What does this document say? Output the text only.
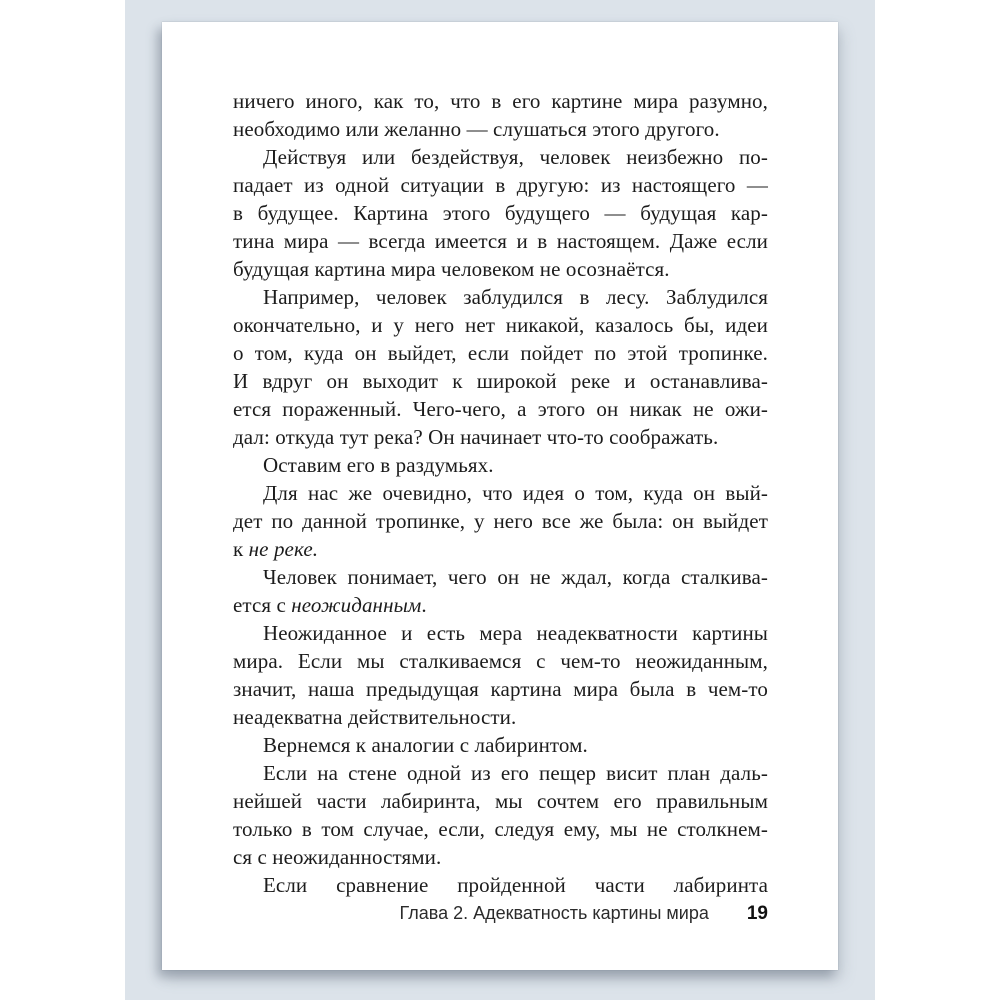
ничего иного, как то, что в его картине мира разумно,
необходимо или желанно — слушаться этого другого.
Действуя или бездействуя, человек неизбежно по-
падает из одной ситуации в другую: из настоящего —
в будущее. Картина этого будущего — будущая кар-
тина мира — всегда имеется и в настоящем. Даже если
будущая картина мира человеком не осознаётся.
Например, человек заблудился в лесу. Заблудился
окончательно, и у него нет никакой, казалось бы, идеи
о том, куда он выйдет, если пойдет по этой тропинке.
И вдруг он выходит к широкой реке и останавлива-
ется пораженный. Чего-чего, а этого он никак не ожи-
дал: откуда тут река? Он начинает что-то соображать.
Оставим его в раздумьях.
Для нас же очевидно, что идея о том, куда он вый-
дет по данной тропинке, у него все же была: он выйдет
к не реке.
Человек понимает, чего он не ждал, когда сталкива-
ется с неожиданным.
Неожиданное и есть мера неадекватности картины
мира. Если мы сталкиваемся с чем-то неожиданным,
значит, наша предыдущая картина мира была в чем-то
неадекватна действительности.
Вернемся к аналогии с лабиринтом.
Если на стене одной из его пещер висит план даль-
нейшей части лабиринта, мы сочтем его правильным
только в том случае, если, следуя ему, мы не столкнем-
ся с неожиданностями.
Если сравнение пройденной части лабиринта
Глава 2. Адекватность картины мира 19
